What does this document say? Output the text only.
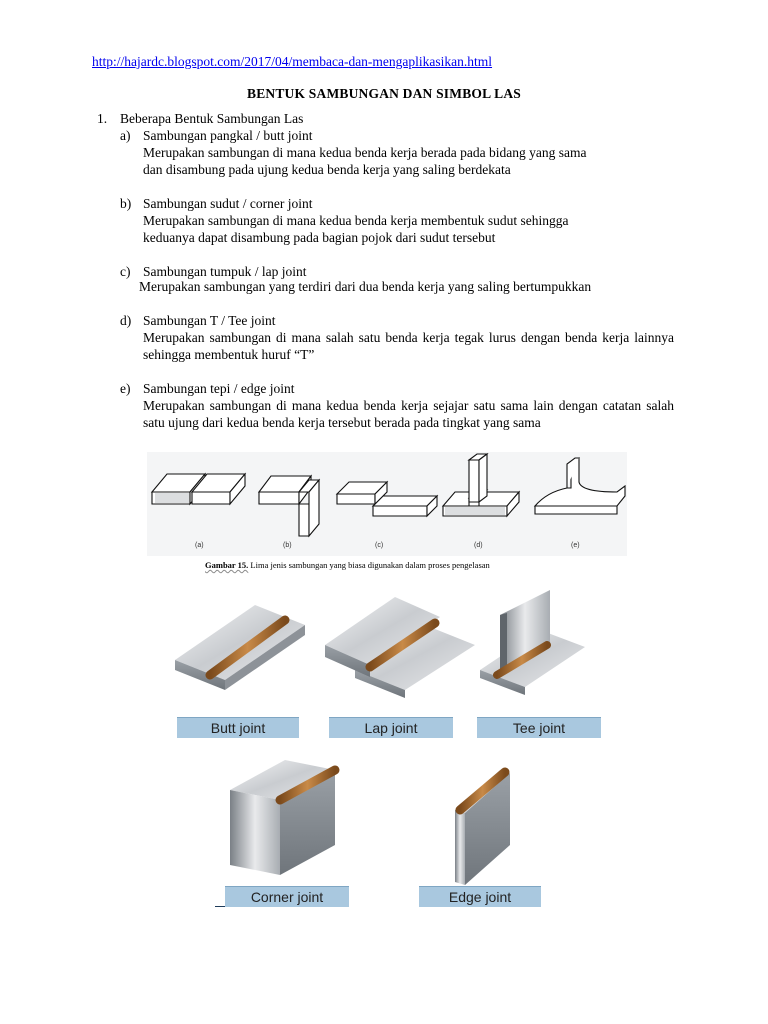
http://hajardc.blogspot.com/2017/04/membaca-dan-mengaplikasikan.html
BENTUK SAMBUNGAN DAN SIMBOL LAS
1. Beberapa Bentuk Sambungan Las
a) Sambungan pangkal / butt joint
Merupakan sambungan di mana kedua benda kerja berada pada bidang yang sama
dan disambung pada ujung kedua benda kerja yang saling berdekata
b) Sambungan sudut / corner joint
Merupakan sambungan di mana kedua benda kerja membentuk sudut sehingga
keduanya dapat disambung pada bagian pojok dari sudut tersebut
c) Sambungan tumpuk / lap joint
Merupakan sambungan yang terdiri dari dua benda kerja yang saling bertumpukkan
d) Sambungan T / Tee joint
Merupakan sambungan di mana salah satu benda kerja tegak lurus dengan benda kerja lainnya sehingga membentuk huruf “T”
e) Sambungan tepi / edge joint
Merupakan sambungan di mana kedua benda kerja sejajar satu sama lain dengan catatan salah satu ujung dari kedua benda kerja tersebut berada pada tingkat yang sama
(a)	(b)	(c)	(d)	(e)
Gambar 15. Lima jenis sambungan yang biasa digunakan dalam proses pengelasan
Butt joint	Lap joint	Tee joint
Corner joint	Edge joint
